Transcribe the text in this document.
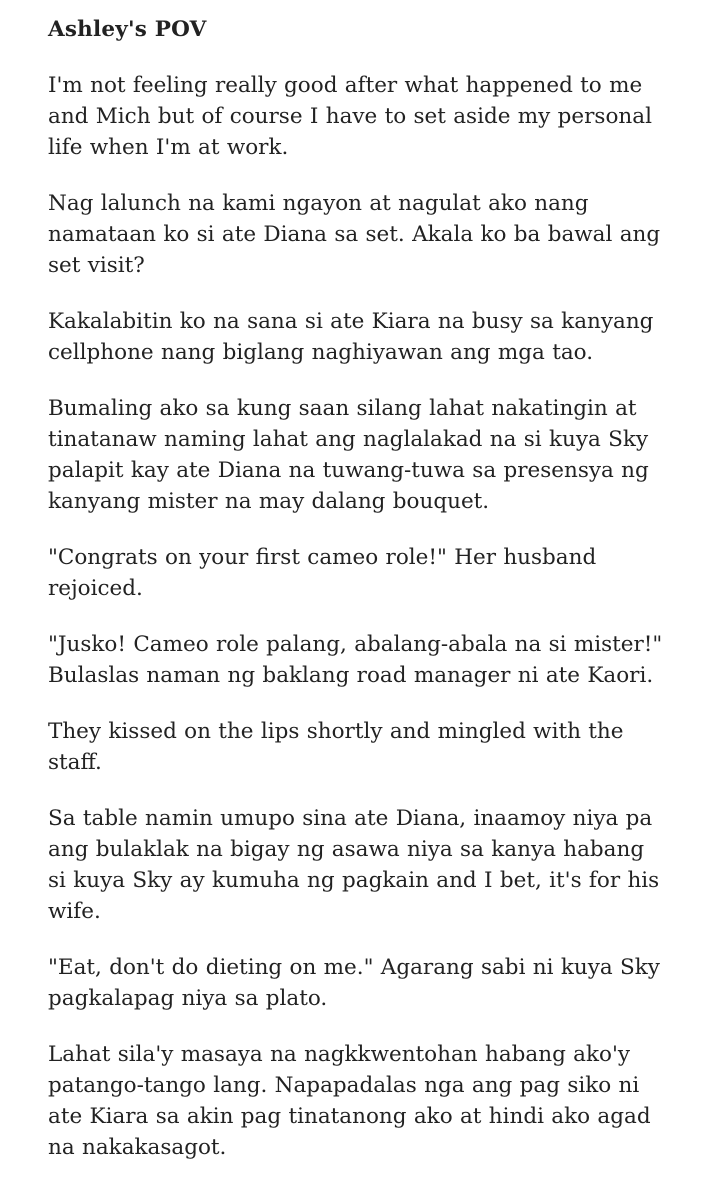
Ashley's POV

I'm not feeling really good after what happened to me and Mich but of course I have to set aside my personal life when I'm at work.

Nag lalunch na kami ngayon at nagulat ako nang namataan ko si ate Diana sa set. Akala ko ba bawal ang set visit?

Kakalabitin ko na sana si ate Kiara na busy sa kanyang cellphone nang biglang naghiyawan ang mga tao.

Bumaling ako sa kung saan silang lahat nakatingin at tinatanaw naming lahat ang naglalakad na si kuya Sky palapit kay ate Diana na tuwang-tuwa sa presensya ng kanyang mister na may dalang bouquet.

"Congrats on your first cameo role!" Her husband rejoiced.

"Jusko! Cameo role palang, abalang-abala na si mister!" Bulaslas naman ng baklang road manager ni ate Kaori.

They kissed on the lips shortly and mingled with the staff.

Sa table namin umupo sina ate Diana, inaamoy niya pa ang bulaklak na bigay ng asawa niya sa kanya habang si kuya Sky ay kumuha ng pagkain and I bet, it's for his wife.

"Eat, don't do dieting on me." Agarang sabi ni kuya Sky pagkalapag niya sa plato.

Lahat sila'y masaya na nagkkwentohan habang ako'y patango-tango lang. Napapadalas nga ang pag siko ni ate Kiara sa akin pag tinatanong ako at hindi ako agad na nakakasagot.
